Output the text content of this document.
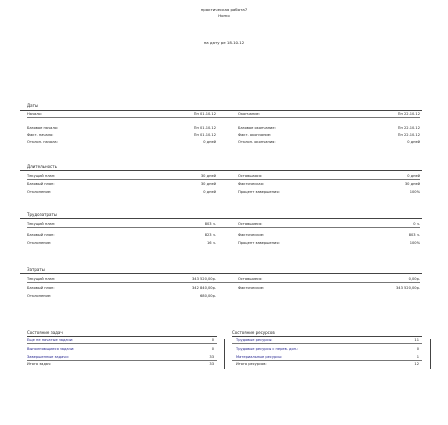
практическая работа7
Homo
на дату ре 18.10.12
Даты
Начало:	Пн 01.10.12	Окончание:	Пн 22.10.12
Базовое начало:	Пн 01.10.12	Базовое окончание:	Пн 22.10.12
Факт. начало:	Пн 01.10.12	Факт. окончание:	Пн 22.10.12
Отклон. начала:	0 дней	Отклон. окончания:	0 дней
Длительность
Текущий план:	30 дней	Оставшаяся:	0 дней
Базовый план:	30 дней	Фактическая:	30 дней
Отклонение:	0 дней	Процент завершения:	100%
Трудозатраты
Текущий план:	803 ч.	Оставшиеся:	0 ч.
Базовый план:	823 ч.	Фактические:	803 ч.
Отклонение:	16 ч.	Процент завершения:	100%
Затраты
Текущий план:	343 520,00р.	Оставшиеся:	0,00р.
Базовый план:	342 840,00р.	Фактические:	343 520,00р.
Отклонение:	680,00р.
Состояние задач
Еще не начатые задачи:	0
Выполняющиеся задачи:	0
Завершенные задачи:	33
Итого задач:	33
Состояние ресурсов
Трудовые ресурсы:	11
Трудовые ресурсы с перев. доп.:	0
Материальные ресурсы:	1
Итого ресурсов:	12
